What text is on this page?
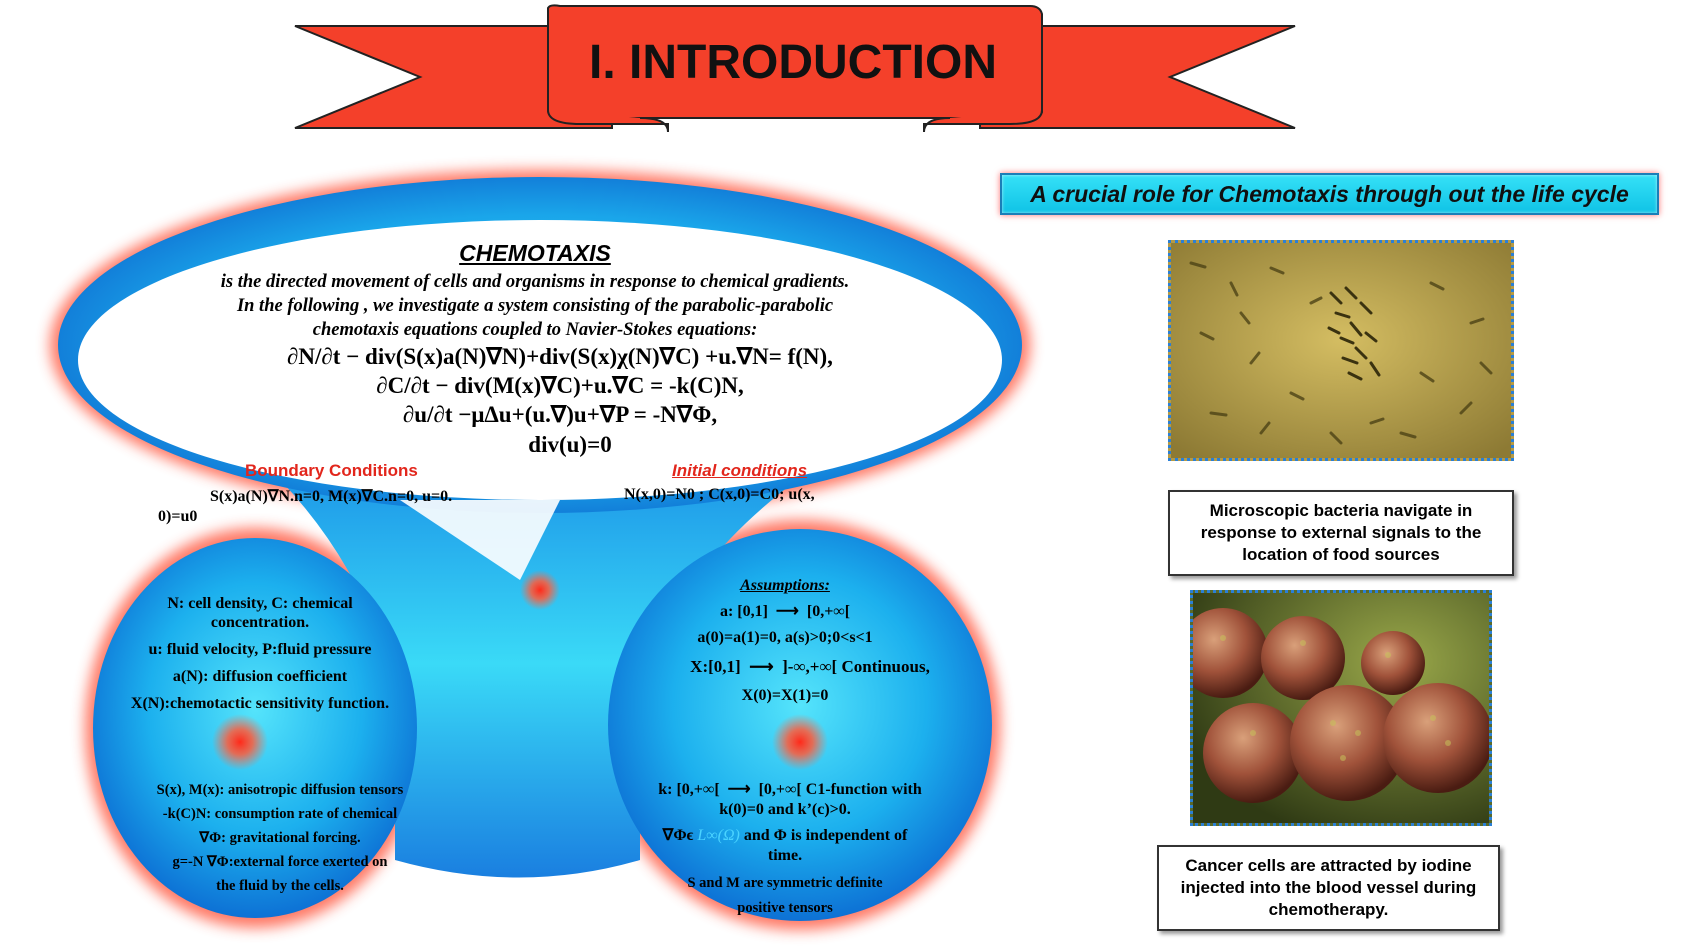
I. INTRODUCTION
CHEMOTAXIS
is the directed movement of cells and organisms in response to chemical gradients.
In the following , we investigate a system consisting of the parabolic-parabolic
chemotaxis equations coupled to Navier-Stokes equations:
∂N/∂t − div(S(x)a(N)∇N)+div(S(x)χ(N)∇C) +u.∇N= f(N),
∂C/∂t − div(M(x)∇C)+u.∇C = -k(C)N,
∂u/∂t −μΔu+(u.∇)u+∇P = -N∇Φ,
div(u)=0
Boundary Conditions
S(x)a(N)∇N.n=0, M(x)∇C.n=0, u=0.
Initial conditions
N(x,0)=N0 ; C(x,0)=C0; u(x,
0)=u0
N: cell density, C: chemical concentration.
u: fluid velocity, P:fluid pressure
a(N): diffusion coefficient
X(N):chemotactic sensitivity function.
S(x), M(x): anisotropic diffusion tensors
-k(C)N: consumption rate of chemical
∇Φ: gravitational forcing.
g=-N ∇Φ:external force exerted on
the fluid by the cells.
Assumptions:
a: [0,1]  ⟶  [0,+∞[
a(0)=a(1)=0, a(s)>0;0<s<1
X:[0,1]  ⟶  ]-∞,+∞[ Continuous,
X(0)=X(1)=0
k: [0,+∞[  ⟶  [0,+∞[ C1-function with
k(0)=0 and k’(c)>0.
∇Φϵ L∞(Ω) and Φ is independent of
time.
S and M are symmetric definite
positive tensors
A crucial role for Chemotaxis through out the life cycle
Microscopic bacteria navigate in response to external signals to the location of food sources
Cancer cells are attracted by iodine injected into the blood vessel during chemotherapy.
